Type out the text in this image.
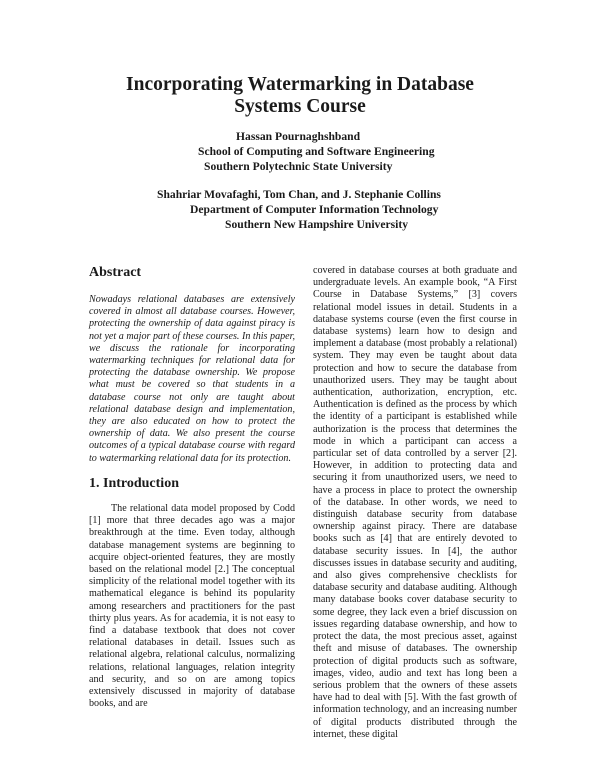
Incorporating Watermarking in Database
Systems Course
Hassan Pournaghshband
School of Computing and Software Engineering
Southern Polytechnic State University
Shahriar Movafaghi, Tom Chan, and J. Stephanie Collins
Department of Computer Information Technology
Southern New Hampshire University
Abstract

Nowadays relational databases are extensively covered in almost all database courses. However, protecting the ownership of data against piracy is not yet a major part of these courses. In this paper, we discuss the rationale for incorporating watermarking techniques for relational data for protecting the database ownership. We propose what must be covered so that students in a database course not only are taught about relational database design and implementation, they are also educated on how to protect the ownership of data. We also present the course outcomes of a typical database course with regard to watermarking relational data for its protection.

1. Introduction

The relational data model proposed by Codd [1] more that three decades ago was a major breakthrough at the time. Even today, although database management systems are beginning to acquire object-oriented features, they are mostly based on the relational model [2.] The conceptual simplicity of the relational model together with its mathematical elegance is behind its popularity among researchers and practitioners for the past thirty plus years. As for academia, it is not easy to find a database textbook that does not cover relational databases in detail. Issues such as relational algebra, relational calculus, normalizing relations, relational languages, relation integrity and security, and so on are among topics extensively discussed in majority of database books, and are

covered in database courses at both graduate and undergraduate levels. An example book, “A First Course in Database Systems,” [3] covers relational model issues in detail. Students in a database systems course (even the first course in database systems) learn how to design and implement a database (most probably a relational) system. They may even be taught about data protection and how to secure the database from unauthorized users. They may be taught about authentication, authorization, encryption, etc. Authentication is defined as the process by which the identity of a participant is established while authorization is the process that determines the mode in which a participant can access a particular set of data controlled by a server [2]. However, in addition to protecting data and securing it from unauthorized users, we need to have a process in place to protect the ownership of the database. In other words, we need to distinguish database security from database ownership against piracy. There are database books such as [4] that are entirely devoted to database security issues. In [4], the author discusses issues in database security and auditing, and also gives comprehensive checklists for database security and database auditing. Although many database books cover database security to some degree, they lack even a brief discussion on issues regarding database ownership, and how to protect the data, the most precious asset, against theft and misuse of databases. The ownership protection of digital products such as software, images, video, audio and text has long been a serious problem that the owners of these assets have had to deal with [5]. With the fast growth of information technology, and an increasing number of digital products distributed through the internet, these digital
